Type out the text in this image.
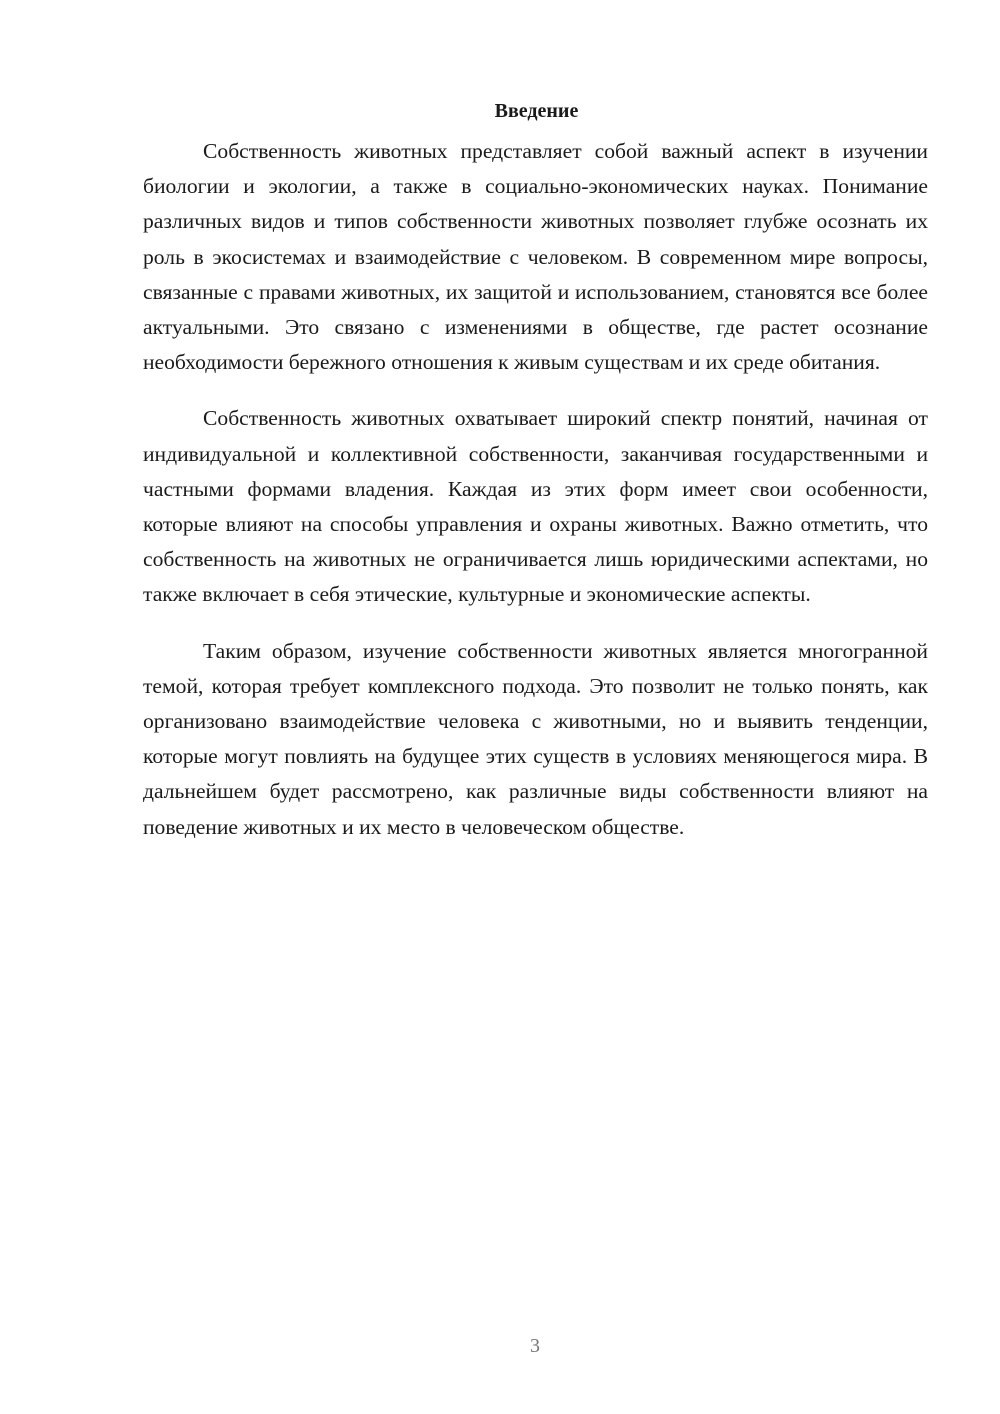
Введение

Собственность животных представляет собой важный аспект в изучении биологии и экологии, а также в социально-экономических науках. Понимание различных видов и типов собственности животных позволяет глубже осознать их роль в экосистемах и взаимодействие с человеком. В современном мире вопросы, связанные с правами животных, их защитой и использованием, становятся все более актуальными. Это связано с изменениями в обществе, где растет осознание необходимости бережного отношения к живым существам и их среде обитания.

Собственность животных охватывает широкий спектр понятий, начиная от индивидуальной и коллективной собственности, заканчивая государственными и частными формами владения. Каждая из этих форм имеет свои особенности, которые влияют на способы управления и охраны животных. Важно отметить, что собственность на животных не ограничивается лишь юридическими аспектами, но также включает в себя этические, культурные и экономические аспекты.

Таким образом, изучение собственности животных является многогранной темой, которая требует комплексного подхода. Это позволит не только понять, как организовано взаимодействие человека с животными, но и выявить тенденции, которые могут повлиять на будущее этих существ в условиях меняющегося мира. В дальнейшем будет рассмотрено, как различные виды собственности влияют на поведение животных и их место в человеческом обществе.

3
